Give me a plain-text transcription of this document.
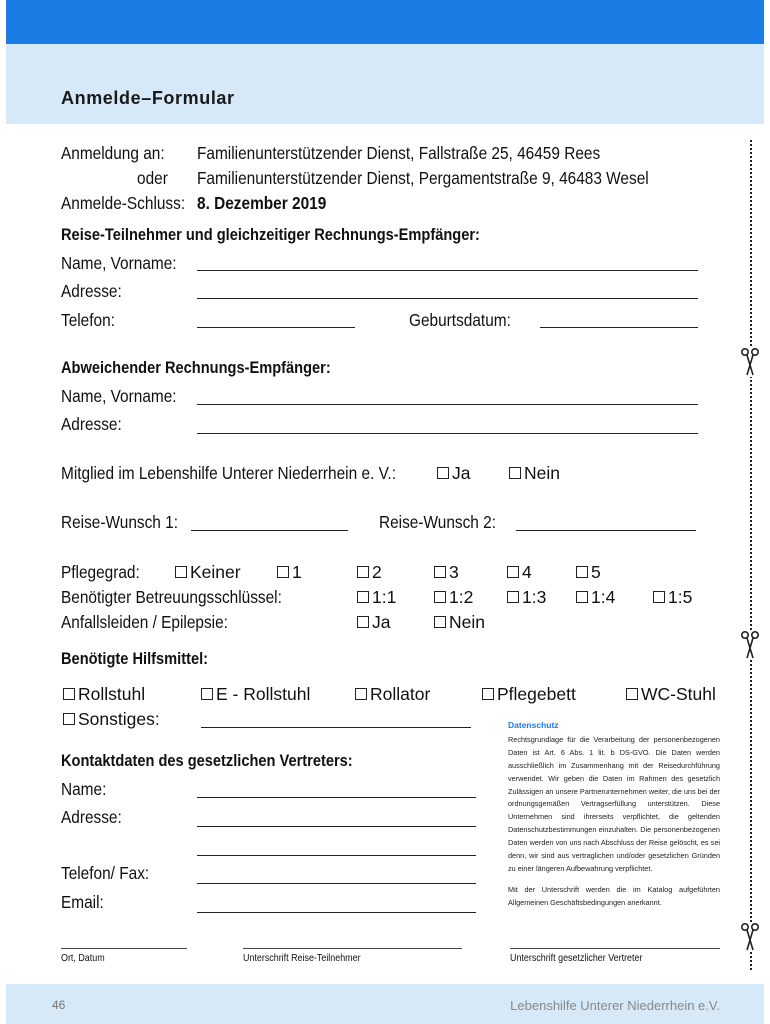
Anmelde–Formular
Anmeldung an: Familienunterstützender Dienst, Fallstraße 25, 46459 Rees
oder Familienunterstützender Dienst, Pergamentstraße 9, 46483 Wesel
Anmelde-Schluss: 8. Dezember 2019
Reise-Teilnehmer und gleichzeitiger Rechnungs-Empfänger:
Name, Vorname:
Adresse:
Telefon:	Geburtsdatum:
Abweichender Rechnungs-Empfänger:
Name, Vorname:
Adresse:
Mitglied im Lebenshilfe Unterer Niederrhein e. V.:	Ja	Nein
Reise-Wunsch 1:	Reise-Wunsch 2:
Pflegegrad:	Keiner	1	2	3	4	5
Benötigter Betreuungsschlüssel:	1:1	1:2	1:3	1:4	1:5
Anfallsleiden / Epilepsie:	Ja	Nein
Benötigte Hilfsmittel:
Rollstuhl	E - Rollstuhl	Rollator	Pflegebett	WC-Stuhl
Sonstiges:
Kontaktdaten des gesetzlichen Vertreters:
Name:
Adresse:
Telefon/ Fax:
Email:
Datenschutz

Rechtsgrundlage für die Verarbeitung der personenbezogenen Daten ist Art. 6 Abs. 1 lit. b DS-GVO. Die Daten werden ausschließlich im Zusammenhang mit der Reisedurchführung verwendet. Wir geben die Daten im Rahmen des gesetzlich Zulässigen an unsere Partnerunternehmen weiter, die uns bei der ordnungsgemäßen Vertragserfüllung unterstützen. Diese Unternehmen sind ihrerseits verpflichtet, die geltenden Datenschutzbestimmungen einzuhalten. Die personenbezogenen Daten werden von uns nach Abschluss der Reise gelöscht, es sei denn, wir sind aus vertraglichen und/oder gesetzlichen Gründen zu einer längeren Aufbewahrung verpflichtet.

Mit der Unterschrift werden die im Katalog aufgeführten Allgemeinen Geschäftsbedingungen anerkannt.

Ort, Datum	Unterschrift Reise-Teilnehmer	Unterschrift gesetzlicher Vertreter
46	Lebenshilfe Unterer Niederrhein e.V.
